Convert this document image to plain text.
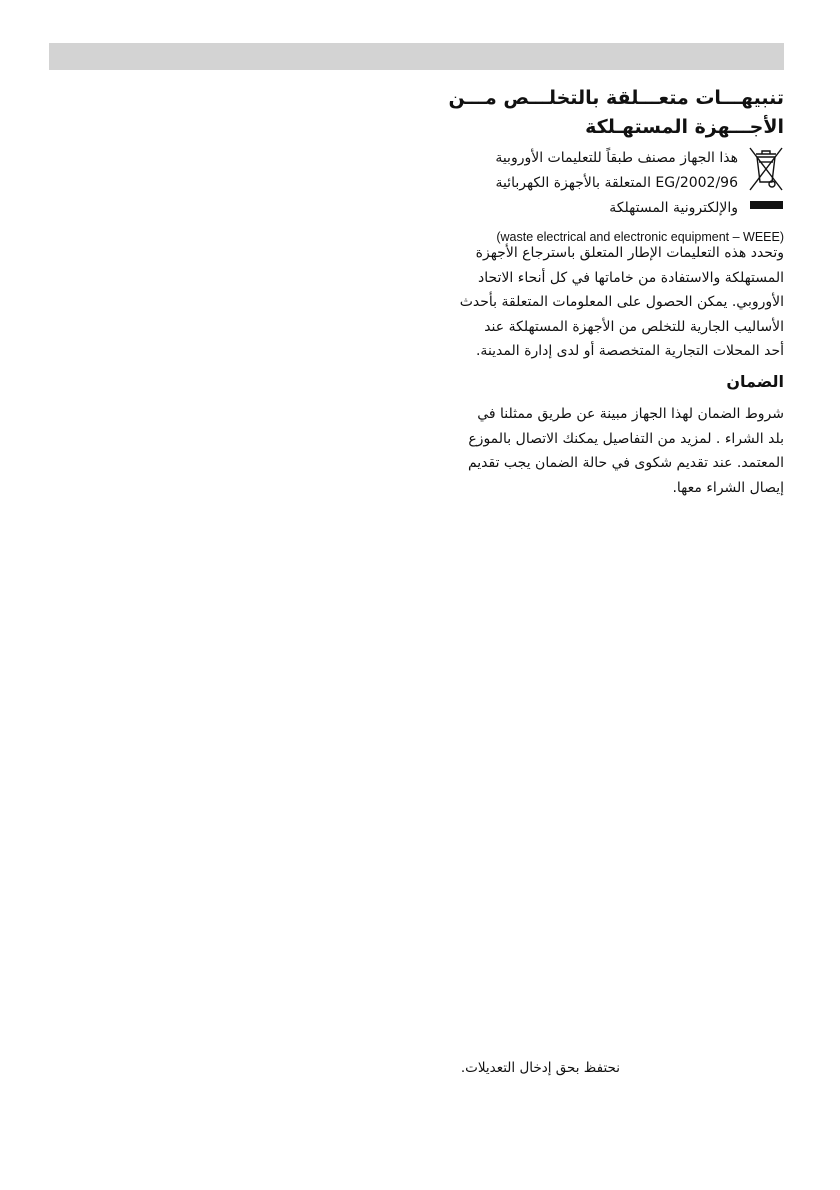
تنبيهـــات متعـــلقة بالتخلـــص مـــن
الأجـــهزة المستهـلكة
هذا الجهاز مصنف طبقاً للتعليمات الأوروبية
2002/96/EG المتعلقة بالأجهزة الكهربائية
والإلكترونية المستهلكة
(waste electrical and electronic equipment – WEEE)
وتحدد هذه التعليمات الإطار المتعلق باسترجاع الأجهزة
المستهلكة والاستفادة من خاماتها في كل أنحاء الاتحاد
الأوروبي. يمكن الحصول على المعلومات المتعلقة بأحدث
الأساليب الجارية للتخلص من الأجهزة المستهلكة عند
أحد المحلات التجارية المتخصصة أو لدى إدارة المدينة.
الضمان
شروط الضمان لهذا الجهاز مبينة عن طريق ممثلنا في
بلد الشراء . لمزيد من التفاصيل يمكنك الاتصال بالموزع
المعتمد. عند تقديم شكوى في حالة الضمان يجب تقديم
إيصال الشراء معها.
نحتفظ بحق إدخال التعديلات.
